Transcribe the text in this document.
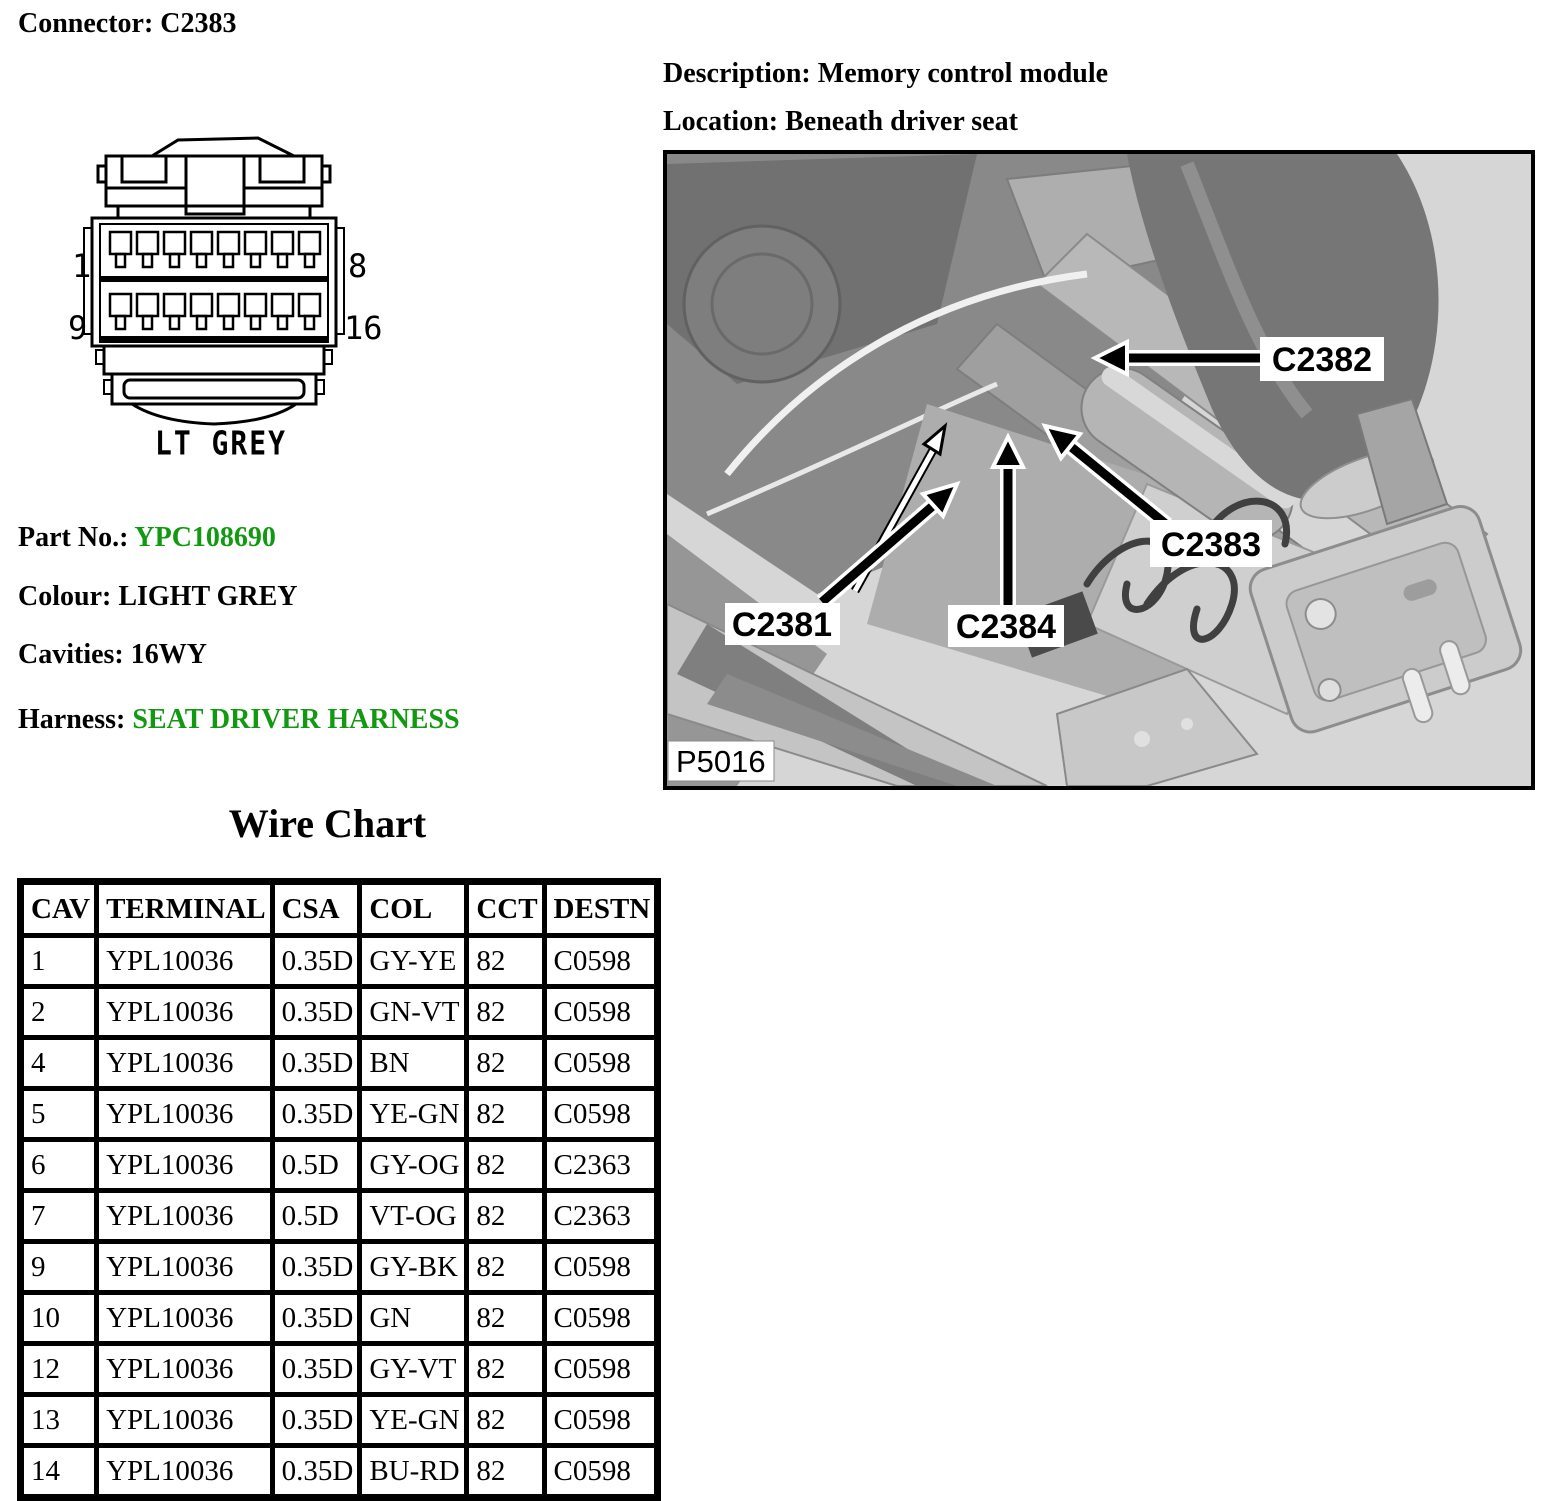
Connector: C2383
1	8
9	16
LT GREY
Part No.: YPC108690
Colour: LIGHT GREY
Cavities: 16WY
Harness: SEAT DRIVER HARNESS
Description: Memory control module
Location: Beneath driver seat
C2381
C2382
C2383
C2384
P5016
Wire Chart
CAV	TERMINAL	CSA	COL	CCT	DESTN
1	YPL10036	0.35D	GY-YE	82	C0598
2	YPL10036	0.35D	GN-VT	82	C0598
4	YPL10036	0.35D	BN	82	C0598
5	YPL10036	0.35D	YE-GN	82	C0598
6	YPL10036	0.5D	GY-OG	82	C2363
7	YPL10036	0.5D	VT-OG	82	C2363
9	YPL10036	0.35D	GY-BK	82	C0598
10	YPL10036	0.35D	GN	82	C0598
12	YPL10036	0.35D	GY-VT	82	C0598
13	YPL10036	0.35D	YE-GN	82	C0598
14	YPL10036	0.35D	BU-RD	82	C0598
